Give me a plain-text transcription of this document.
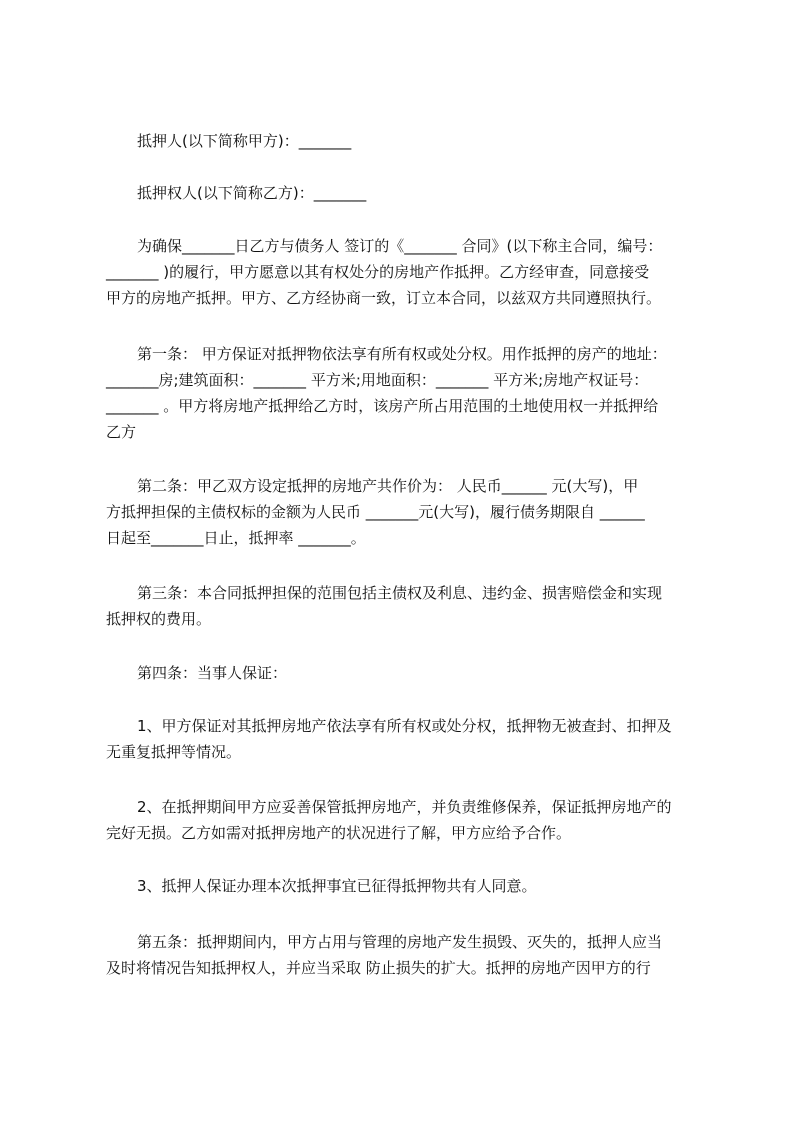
抵押人(以下简称甲方)：_______

抵押权人(以下简称乙方)：_______

为确保_______日乙方与债务人 签订的《_______ 合同》(以下称主合同，编号：
_______ )的履行，甲方愿意以其有权处分的房地产作抵押。乙方经审查，同意接受
甲方的房地产抵押。甲方、乙方经协商一致，订立本合同，以兹双方共同遵照执行。

第一条： 甲方保证对抵押物依法享有所有权或处分权。用作抵押的房产的地址：
_______房;建筑面积：_______ 平方米;用地面积：_______ 平方米;房地产权证号：
_______ 。甲方将房地产抵押给乙方时，该房产所占用范围的土地使用权一并抵押给
乙方

第二条：甲乙双方设定抵押的房地产共作价为： 人民币______ 元(大写)，甲
方抵押担保的主债权标的金额为人民币 _______元(大写)，履行债务期限自 ______
日起至_______日止，抵押率 _______。

第三条：本合同抵押担保的范围包括主债权及利息、违约金、损害赔偿金和实现
抵押权的费用。

第四条：当事人保证：

1、甲方保证对其抵押房地产依法享有所有权或处分权，抵押物无被查封、扣押及
无重复抵押等情况。

2、在抵押期间甲方应妥善保管抵押房地产，并负责维修保养，保证抵押房地产的
完好无损。乙方如需对抵押房地产的状况进行了解，甲方应给予合作。

3、抵押人保证办理本次抵押事宜已征得抵押物共有人同意。

第五条：抵押期间内，甲方占用与管理的房地产发生损毁、灭失的，抵押人应当
及时将情况告知抵押权人，并应当采取 防止损失的扩大。抵押的房地产因甲方的行
